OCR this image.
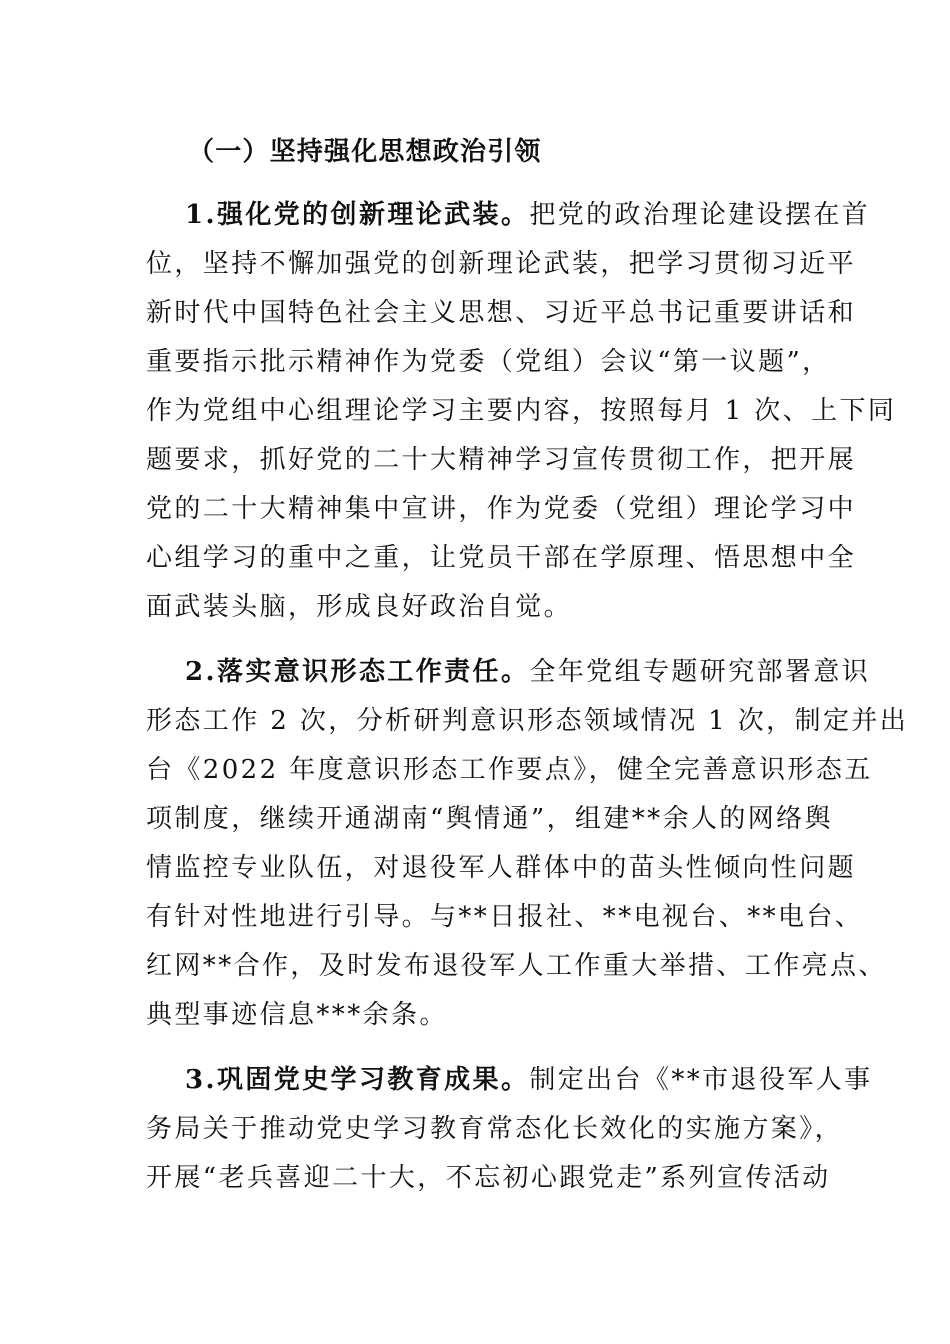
（一）坚持强化思想政治引领
1.强化党的创新理论武装。把党的政治理论建设摆在首
位，坚持不懈加强党的创新理论武装，把学习贯彻习近平
新时代中国特色社会主义思想、习近平总书记重要讲话和
重要指示批示精神作为党委（党组）会议“第一议题”，
作为党组中心组理论学习主要内容，按照每月 1 次、上下同
题要求，抓好党的二十大精神学习宣传贯彻工作，把开展
党的二十大精神集中宣讲，作为党委（党组）理论学习中
心组学习的重中之重，让党员干部在学原理、悟思想中全
面武装头脑，形成良好政治自觉。
2.落实意识形态工作责任。全年党组专题研究部署意识
形态工作 2 次，分析研判意识形态领域情况 1 次，制定并出
台《2022 年度意识形态工作要点》，健全完善意识形态五
项制度，继续开通湖南“舆情通”，组建**余人的网络舆
情监控专业队伍，对退役军人群体中的苗头性倾向性问题
有针对性地进行引导。与**日报社、**电视台、**电台、
红网**合作，及时发布退役军人工作重大举措、工作亮点、
典型事迹信息***余条。
3.巩固党史学习教育成果。制定出台《**市退役军人事
务局关于推动党史学习教育常态化长效化的实施方案》，
开展“老兵喜迎二十大，不忘初心跟党走”系列宣传活动
